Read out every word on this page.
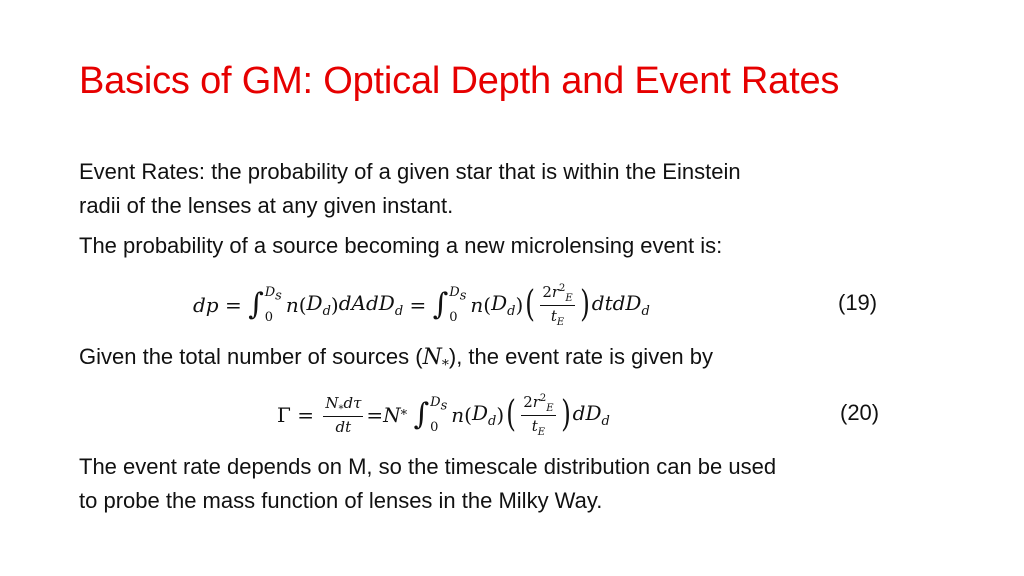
Basics of GM: Optical Depth and Event Rates
Event Rates: the probability of a given star that is within the Einstein
radii of the lenses at any given instant.
The probability of a source becoming a new microlensing event is:
dp = ∫ $D_s$
0
n ( $D_d$ ) dAdD$_d$ = ∫ $D_s$
0
n ( $D_d$ ) ( $\frac{2r^2_E}{t_E}$ ) dtdD$_d$	(19)
Given the total number of sources $(N_*)$, the event rate is given by
$\Gamma = \frac{N_*d\tau}{dt} = N$ *
∫ $D_s$
0
n ( $D_d$ ) ( $\frac{2r^2_E}{t_E}$ ) $dD_d$	(20)
The event rate depends on M, so the timescale distribution can be used
to probe the mass function of lenses in the Milky Way.
